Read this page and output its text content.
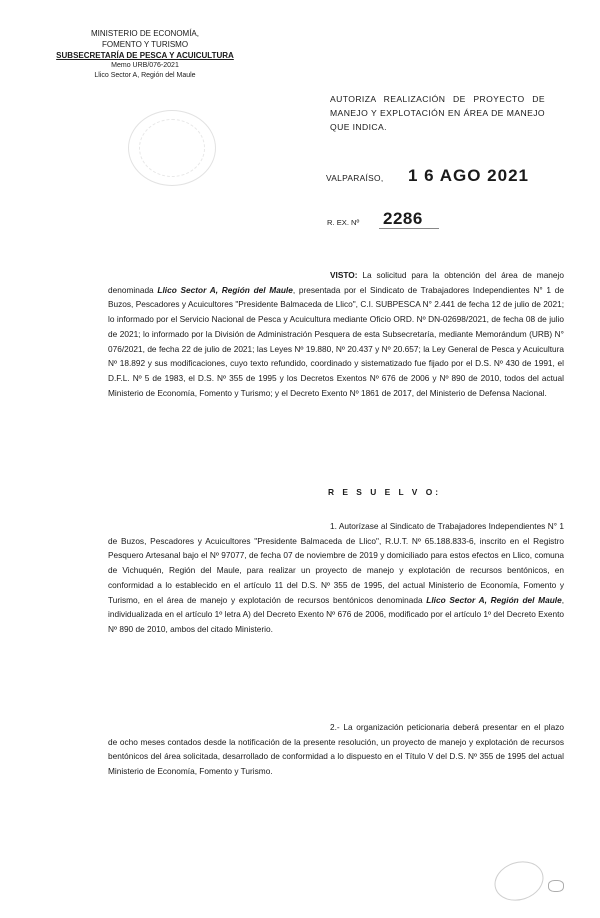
MINISTERIO DE ECONOMÍA,
FOMENTO Y TURISMO
SUBSECRETARÍA DE PESCA Y ACUICULTURA
Memo URB/076-2021
Llico Sector A, Región del Maule
AUTORIZA REALIZACIÓN DE PROYECTO DE MANEJO Y EXPLOTACIÓN EN ÁREA DE MANEJO QUE INDICA.
VALPARAÍSO, 1 6 AGO 2021
R. EX. Nº 2286
VISTO: La solicitud para la obtención del área de manejo denominada Llico Sector A, Región del Maule, presentada por el Sindicato de Trabajadores Independientes N° 1 de Buzos, Pescadores y Acuicultores "Presidente Balmaceda de Llico", C.I. SUBPESCA N° 2.441 de fecha 12 de julio de 2021; lo informado por el Servicio Nacional de Pesca y Acuicultura mediante Oficio ORD. Nº DN-02698/2021, de fecha 08 de julio de 2021; lo informado por la División de Administración Pesquera de esta Subsecretaría, mediante Memorándum (URB) N° 076/2021, de fecha 22 de julio de 2021; las Leyes Nº 19.880, Nº 20.437 y Nº 20.657; la Ley General de Pesca y Acuicultura Nº 18.892 y sus modificaciones, cuyo texto refundido, coordinado y sistematizado fue fijado por el D.S. Nº 430 de 1991, el D.F.L. Nº 5 de 1983, el D.S. Nº 355 de 1995 y los Decretos Exentos Nº 676 de 2006 y Nº 890 de 2010, todos del actual Ministerio de Economía, Fomento y Turismo; y el Decreto Exento Nº 1861 de 2017, del Ministerio de Defensa Nacional.
R E S U E L V O:
1. Autorízase al Sindicato de Trabajadores Independientes N° 1 de Buzos, Pescadores y Acuicultores "Presidente Balmaceda de Llico", R.U.T. Nº 65.188.833-6, inscrito en el Registro Pesquero Artesanal bajo el Nº 97077, de fecha 07 de noviembre de 2019 y domiciliado para estos efectos en Llico, comuna de Vichuquén, Región del Maule, para realizar un proyecto de manejo y explotación de recursos bentónicos, en conformidad a lo establecido en el artículo 11 del D.S. Nº 355 de 1995, del actual Ministerio de Economía, Fomento y Turismo, en el área de manejo y explotación de recursos bentónicos denominada Llico Sector A, Región del Maule, individualizada en el artículo 1º letra A) del Decreto Exento Nº 676 de 2006, modificado por el artículo 1º del Decreto Exento Nº 890 de 2010, ambos del citado Ministerio.
2.- La organización peticionaria deberá presentar en el plazo de ocho meses contados desde la notificación de la presente resolución, un proyecto de manejo y explotación de recursos bentónicos del área solicitada, desarrollado de conformidad a lo dispuesto en el Título V del D.S. Nº 355 de 1995 del actual Ministerio de Economía, Fomento y Turismo.
